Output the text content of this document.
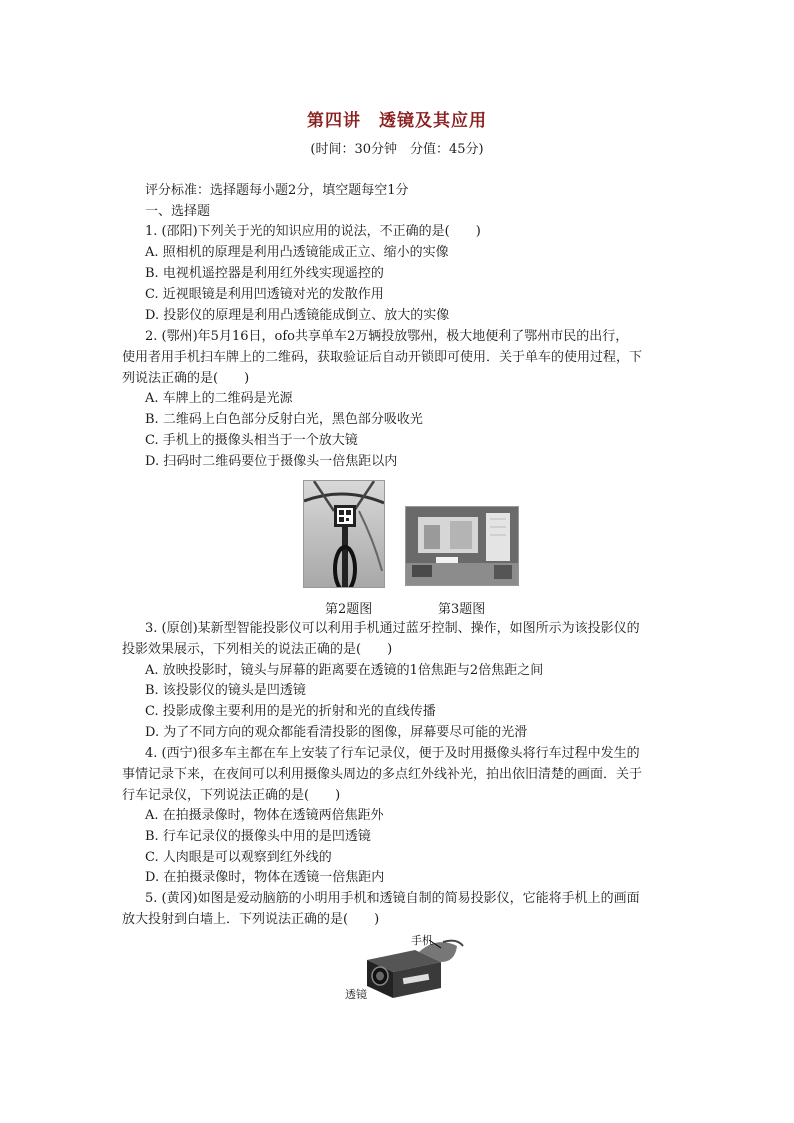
第四讲　透镜及其应用
(时间：30分钟　分值：45分)
评分标准：选择题每小题2分，填空题每空1分
一、选择题
1. (邵阳)下列关于光的知识应用的说法，不正确的是(　　)
A. 照相机的原理是利用凸透镜能成正立、缩小的实像
B. 电视机遥控器是利用红外线实现遥控的
C. 近视眼镜是利用凹透镜对光的发散作用
D. 投影仪的原理是利用凸透镜能成倒立、放大的实像
2. (鄂州)年5月16日，ofo共享单车2万辆投放鄂州，极大地便利了鄂州市民的出行，
使用者用手机扫车牌上的二维码，获取验证后自动开锁即可使用．关于单车的使用过程，下
列说法正确的是(　　)
A. 车牌上的二维码是光源
B. 二维码上白色部分反射白光，黑色部分吸收光
C. 手机上的摄像头相当于一个放大镜
D. 扫码时二维码要位于摄像头一倍焦距以内
第2题图	第3题图
3. (原创)某新型智能投影仪可以利用手机通过蓝牙控制、操作，如图所示为该投影仪的
投影效果展示，下列相关的说法正确的是(　　)
A. 放映投影时，镜头与屏幕的距离要在透镜的1倍焦距与2倍焦距之间
B. 该投影仪的镜头是凹透镜
C. 投影成像主要利用的是光的折射和光的直线传播
D. 为了不同方向的观众都能看清投影的图像，屏幕要尽可能的光滑
4. (西宁)很多车主都在车上安装了行车记录仪，便于及时用摄像头将行车过程中发生的
事情记录下来，在夜间可以利用摄像头周边的多点红外线补光，拍出依旧清楚的画面．关于
行车记录仪，下列说法正确的是(　　)
A. 在拍摄录像时，物体在透镜两倍焦距外
B. 行车记录仪的摄像头中用的是凹透镜
C. 人肉眼是可以观察到红外线的
D. 在拍摄录像时，物体在透镜一倍焦距内
5. (黄冈)如图是爱动脑筋的小明用手机和透镜自制的简易投影仪，它能将手机上的画面
放大投射到白墙上．下列说法正确的是(　　)
手机
透镜
